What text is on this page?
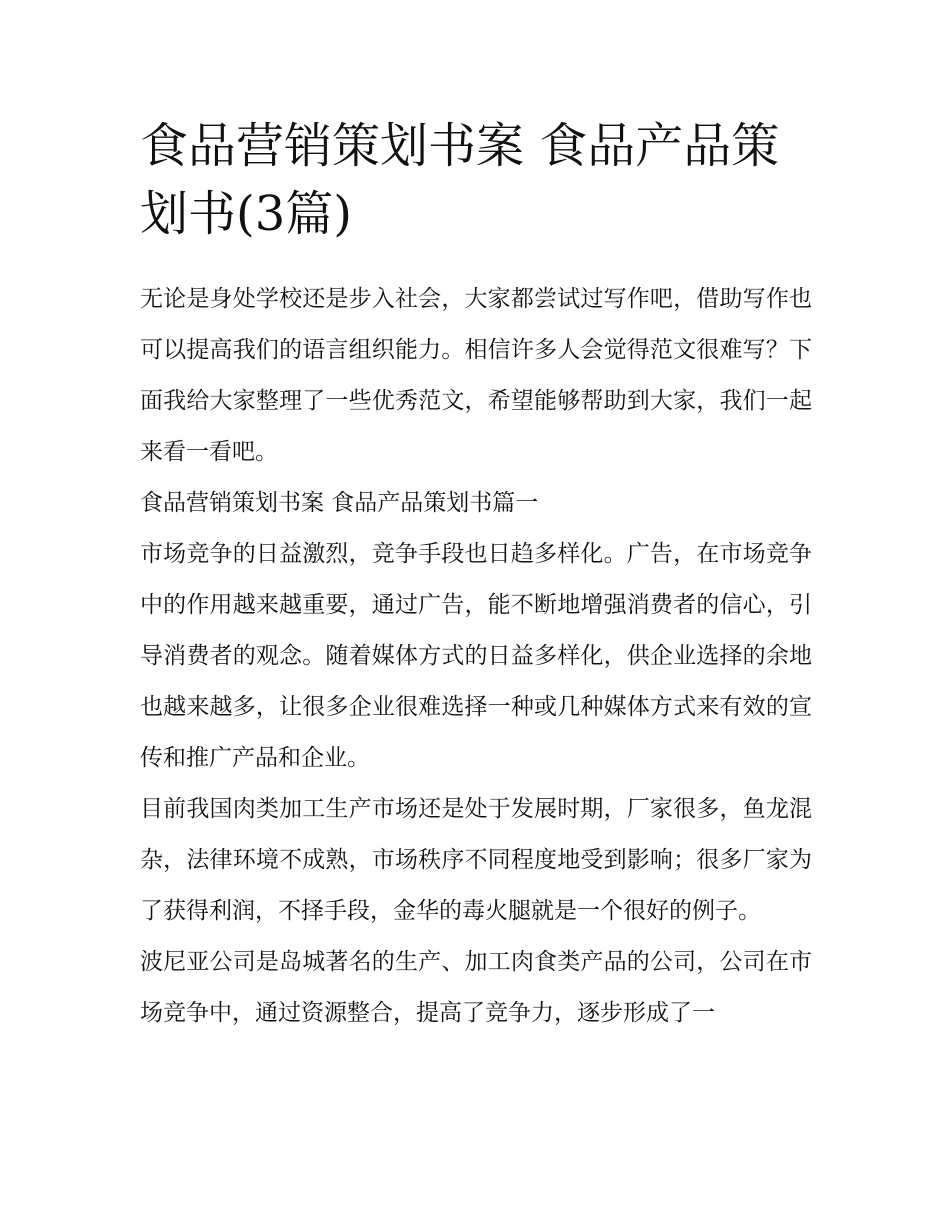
食品营销策划书案 食品产品策划书(3篇)

无论是身处学校还是步入社会，大家都尝试过写作吧，借助写作也可以提高我们的语言组织能力。相信许多人会觉得范文很难写？下面我给大家整理了一些优秀范文，希望能够帮助到大家，我们一起来看一看吧。

食品营销策划书案 食品产品策划书篇一

市场竞争的日益激烈，竞争手段也日趋多样化。广告，在市场竞争中的作用越来越重要，通过广告，能不断地增强消费者的信心，引导消费者的观念。随着媒体方式的日益多样化，供企业选择的余地也越来越多，让很多企业很难选择一种或几种媒体方式来有效的宣传和推广产品和企业。

目前我国肉类加工生产市场还是处于发展时期，厂家很多，鱼龙混杂，法律环境不成熟，市场秩序不同程度地受到影响；很多厂家为了获得利润，不择手段，金华的毒火腿就是一个很好的例子。

波尼亚公司是岛城著名的生产、加工肉食类产品的公司，公司在市场竞争中，通过资源整合，提高了竞争力，逐步形成了一
